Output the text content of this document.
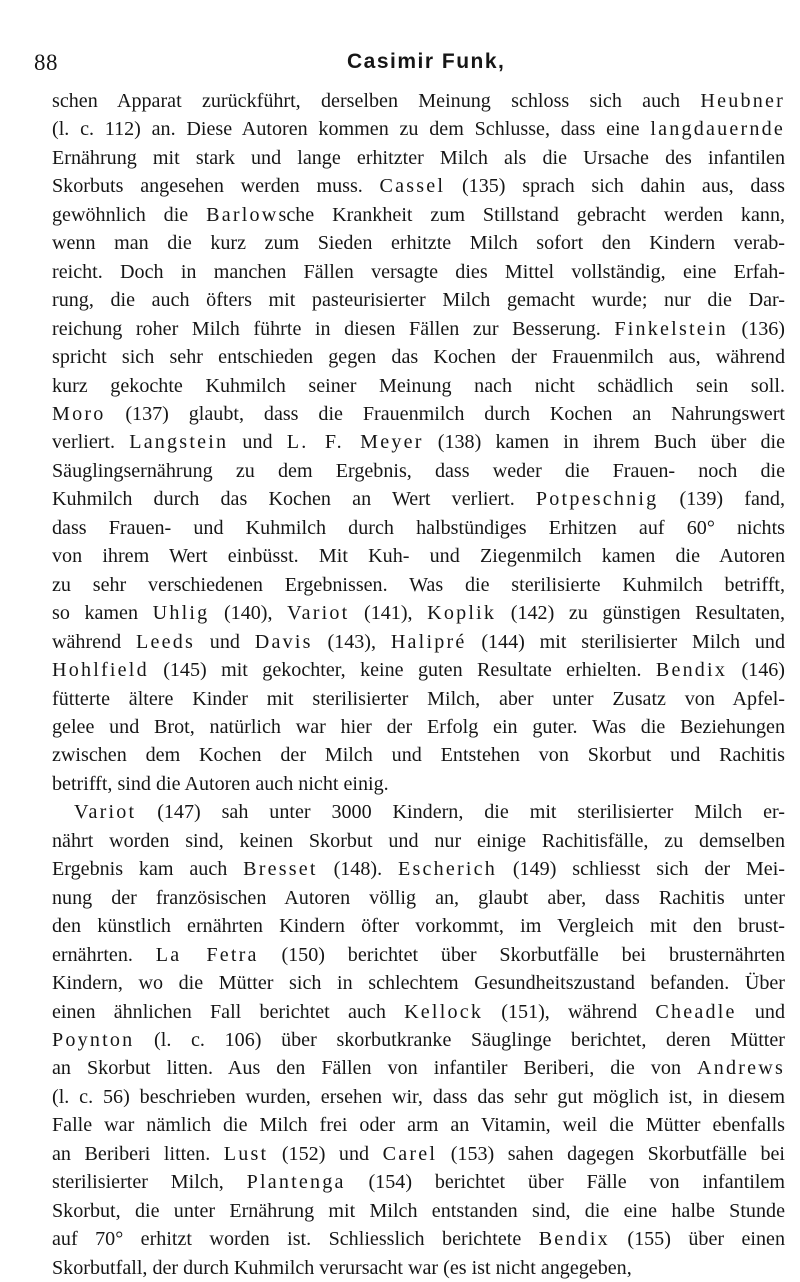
88	Casimir Funk,

schen Apparat zurückführt, derselben Meinung schloss sich auch Heubner
(l. c. 112) an. Diese Autoren kommen zu dem Schlusse, dass eine langdauernde
Ernährung mit stark und lange erhitzter Milch als die Ursache des infantilen
Skorbuts angesehen werden muss. Cassel (135) sprach sich dahin aus, dass
gewöhnlich die Barlowsche Krankheit zum Stillstand gebracht werden kann,
wenn man die kurz zum Sieden erhitzte Milch sofort den Kindern verab-
reicht. Doch in manchen Fällen versagte dies Mittel vollständig, eine Erfah-
rung, die auch öfters mit pasteurisierter Milch gemacht wurde; nur die Dar-
reichung roher Milch führte in diesen Fällen zur Besserung. Finkelstein (136)
spricht sich sehr entschieden gegen das Kochen der Frauenmilch aus, während
kurz gekochte Kuhmilch seiner Meinung nach nicht schädlich sein soll.
Moro (137) glaubt, dass die Frauenmilch durch Kochen an Nahrungswert
verliert. Langstein und L. F. Meyer (138) kamen in ihrem Buch über die
Säuglingsernährung zu dem Ergebnis, dass weder die Frauen- noch die
Kuhmilch durch das Kochen an Wert verliert. Potpeschnig (139) fand,
dass Frauen- und Kuhmilch durch halbstündiges Erhitzen auf 60° nichts
von ihrem Wert einbüsst. Mit Kuh- und Ziegenmilch kamen die Autoren
zu sehr verschiedenen Ergebnissen. Was die sterilisierte Kuhmilch betrifft,
so kamen Uhlig (140), Variot (141), Koplik (142) zu günstigen Resultaten,
während Leeds und Davis (143), Halipré (144) mit sterilisierter Milch und
Hohlfield (145) mit gekochter, keine guten Resultate erhielten. Bendix (146)
fütterte ältere Kinder mit sterilisierter Milch, aber unter Zusatz von Apfel-
gelee und Brot, natürlich war hier der Erfolg ein guter. Was die Beziehungen
zwischen dem Kochen der Milch und Entstehen von Skorbut und Rachitis
betrifft, sind die Autoren auch nicht einig.

Variot (147) sah unter 3000 Kindern, die mit sterilisierter Milch er-
nährt worden sind, keinen Skorbut und nur einige Rachitisfälle, zu demselben
Ergebnis kam auch Bresset (148). Escherich (149) schliesst sich der Mei-
nung der französischen Autoren völlig an, glaubt aber, dass Rachitis unter
den künstlich ernährten Kindern öfter vorkommt, im Vergleich mit den brust-
ernährten. La Fetra (150) berichtet über Skorbutfälle bei brusternährten
Kindern, wo die Mütter sich in schlechtem Gesundheitszustand befanden. Über
einen ähnlichen Fall berichtet auch Kellock (151), während Cheadle und
Poynton (l. c. 106) über skorbutkranke Säuglinge berichtet, deren Mütter
an Skorbut litten. Aus den Fällen von infantiler Beriberi, die von Andrews
(l. c. 56) beschrieben wurden, ersehen wir, dass das sehr gut möglich ist, in diesem
Falle war nämlich die Milch frei oder arm an Vitamin, weil die Mütter ebenfalls
an Beriberi litten. Lust (152) und Carel (153) sahen dagegen Skorbutfälle bei
sterilisierter Milch, Plantenga (154) berichtet über Fälle von infantilem
Skorbut, die unter Ernährung mit Milch entstanden sind, die eine halbe Stunde
auf 70° erhitzt worden ist. Schliesslich berichtete Bendix (155) über einen
Skorbutfall, der durch Kuhmilch verursacht war (es ist nicht angegeben,
